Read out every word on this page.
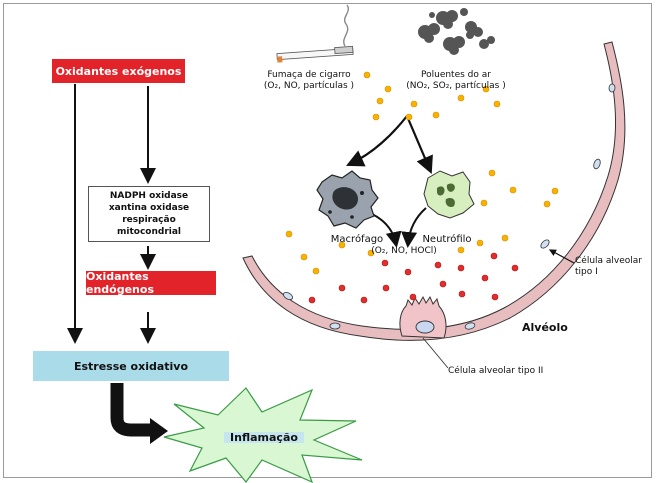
Oxidantes exógenos
NADPH oxidase
xantina oxidase
respiração mitocondrial
Oxidantes endógenos
Estresse oxidativo
Inflamação
Fumaça de cigarro
(O₂, NO, partículas )
Poluentes do ar
(NO₂, SO₂, partículas )
Macrófago	Neutrófilo
(O₂, NO, HOCl)
Célula alveolar
tipo I
Alvéolo
Célula alveolar tipo II
